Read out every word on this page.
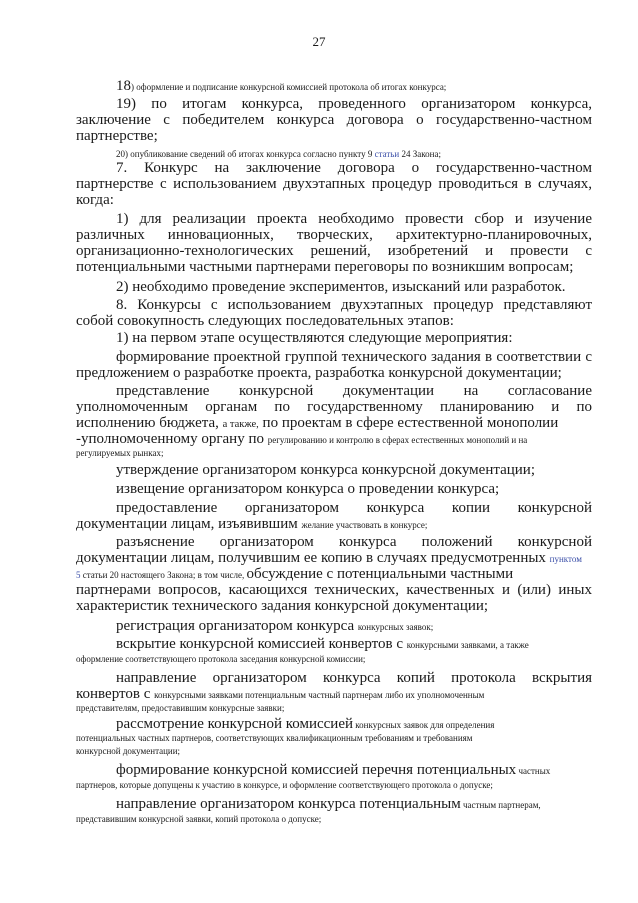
27

18) оформление и подписание конкурсной комиссией протокола об итогах конкурса;

19) по итогам конкурса, проведенного организатором конкурса,
заключение с победителем конкурса договора о государственно-частном
партнерстве;

20) опубликование сведений об итогах конкурса согласно пункту 9 статьи 24 Закона;

7. Конкурс на заключение договора о государственно-частном
партнерстве с использованием двухэтапных процедур проводиться в случаях,
когда:

1) для реализации проекта необходимо провести сбор и изучение
различных инновационных, творческих, архитектурно-планировочных,
организационно-технологических решений, изобретений и провести с
потенциальными частными партнерами переговоры по возникшим вопросам;

2) необходимо проведение экспериментов, изысканий или разработок.

8. Конкурсы с использованием двухэтапных процедур представляют
собой совокупность следующих последовательных этапов:

1) на первом этапе осуществляются следующие мероприятия:

формирование проектной группой технического задания в соответствии с
предложением о разработке проекта, разработка конкурсной документации;

представление конкурсной документации на согласование
уполномоченным органам по государственному планированию и по
исполнению бюджета, а также, по проектам в сфере естественной монополии
-уполномоченному органу по регулированию и контролю в сферах естественных монополий и на
регулируемых рынках;

утверждение организатором конкурса конкурсной документации;

извещение организатором конкурса о проведении конкурса;

предоставление организатором конкурса копии конкурсной
документации лицам, изъявившим желание участвовать в конкурсе;

разъяснение организатором конкурса положений конкурсной
документации лицам, получившим ее копию в случаях предусмотренных пунктом
5 статьи 20 настоящего Закона; в том числе, обсуждение с потенциальными частными
партнерами вопросов, касающихся технических, качественных и (или) иных
характеристик технического задания конкурсной документации;

регистрация организатором конкурса конкурсных заявок;

вскрытие конкурсной комиссией конвертов с конкурсными заявками, а также
оформление соответствующего протокола заседания конкурсной комиссии;

направление организатором конкурса копий протокола вскрытия
конвертов с конкурсными заявками потенциальным частный партнерам либо их уполномоченным
представителям, предоставившим конкурсные заявки;

рассмотрение конкурсной комиссией конкурсных заявок для определения
потенциальных частных партнеров, соответствующих квалификационным требованиям и требованиям
конкурсной документации;

формирование конкурсной комиссией перечня потенциальных частных
партнеров, которые допущены к участию в конкурсе, и оформление соответствующего протокола о допуске;

направление организатором конкурса потенциальным частным партнерам,
представившим конкурсной заявки, копий протокола о допуске;
